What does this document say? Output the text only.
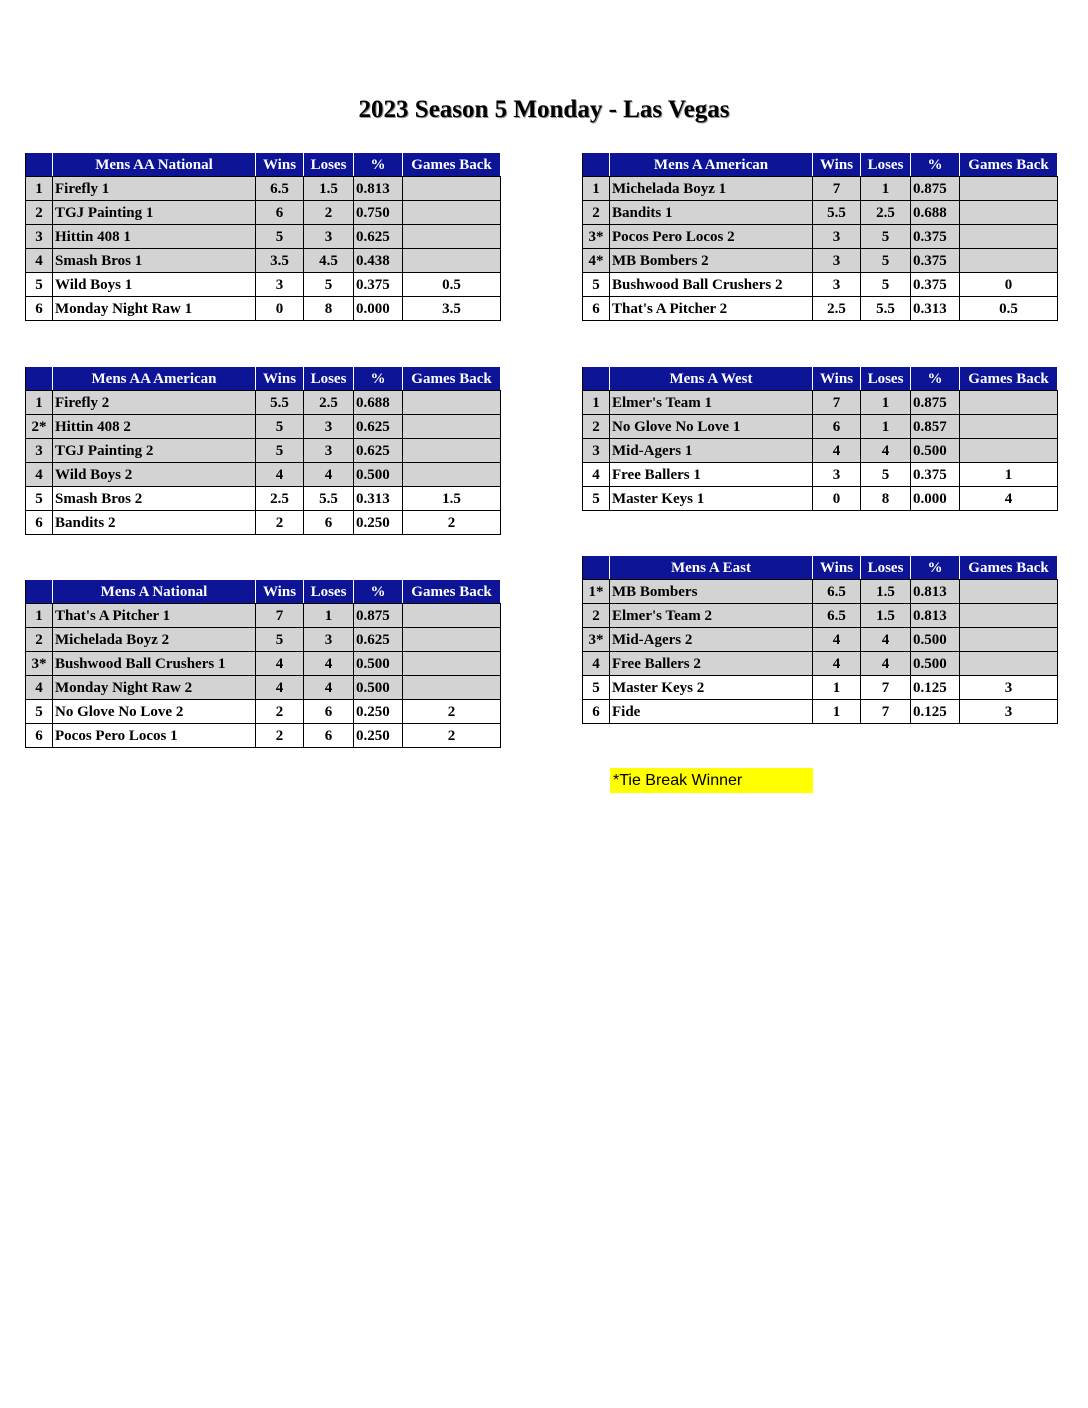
2023 Season 5 Monday - Las Vegas
	Mens AA National	Wins	Loses	%	Games Back
1	Firefly 1	6.5	1.5	0.813	
2	TGJ Painting 1	6	2	0.750	
3	Hittin 408 1	5	3	0.625	
4	Smash Bros 1	3.5	4.5	0.438	
5	Wild Boys 1	3	5	0.375	0.5
6	Monday Night Raw 1	0	8	0.000	3.5
	Mens AA American	Wins	Loses	%	Games Back
1	Firefly 2	5.5	2.5	0.688	
2*	Hittin 408 2	5	3	0.625	
3	TGJ Painting 2	5	3	0.625	
4	Wild Boys 2	4	4	0.500	
5	Smash Bros 2	2.5	5.5	0.313	1.5
6	Bandits 2	2	6	0.250	2
	Mens A National	Wins	Loses	%	Games Back
1	That's A Pitcher 1	7	1	0.875	
2	Michelada Boyz 2	5	3	0.625	
3*	Bushwood Ball Crushers 1	4	4	0.500	
4	Monday Night Raw 2	4	4	0.500	
5	No Glove No Love 2	2	6	0.250	2
6	Pocos Pero Locos 1	2	6	0.250	2
	Mens A American	Wins	Loses	%	Games Back
1	Michelada Boyz 1	7	1	0.875	
2	Bandits 1	5.5	2.5	0.688	
3*	Pocos Pero Locos 2	3	5	0.375	
4*	MB Bombers 2	3	5	0.375	
5	Bushwood Ball Crushers 2	3	5	0.375	0
6	That's A Pitcher 2	2.5	5.5	0.313	0.5
	Mens A West	Wins	Loses	%	Games Back
1	Elmer's Team 1	7	1	0.875	
2	No Glove No Love 1	6	1	0.857	
3	Mid-Agers 1	4	4	0.500	
4	Free Ballers 1	3	5	0.375	1
5	Master Keys 1	0	8	0.000	4
	Mens A East	Wins	Loses	%	Games Back
1*	MB Bombers	6.5	1.5	0.813	
2	Elmer's Team 2	6.5	1.5	0.813	
3*	Mid-Agers 2	4	4	0.500	
4	Free Ballers 2	4	4	0.500	
5	Master Keys 2	1	7	0.125	3
6	Fide	1	7	0.125	3
*Tie Break Winner
